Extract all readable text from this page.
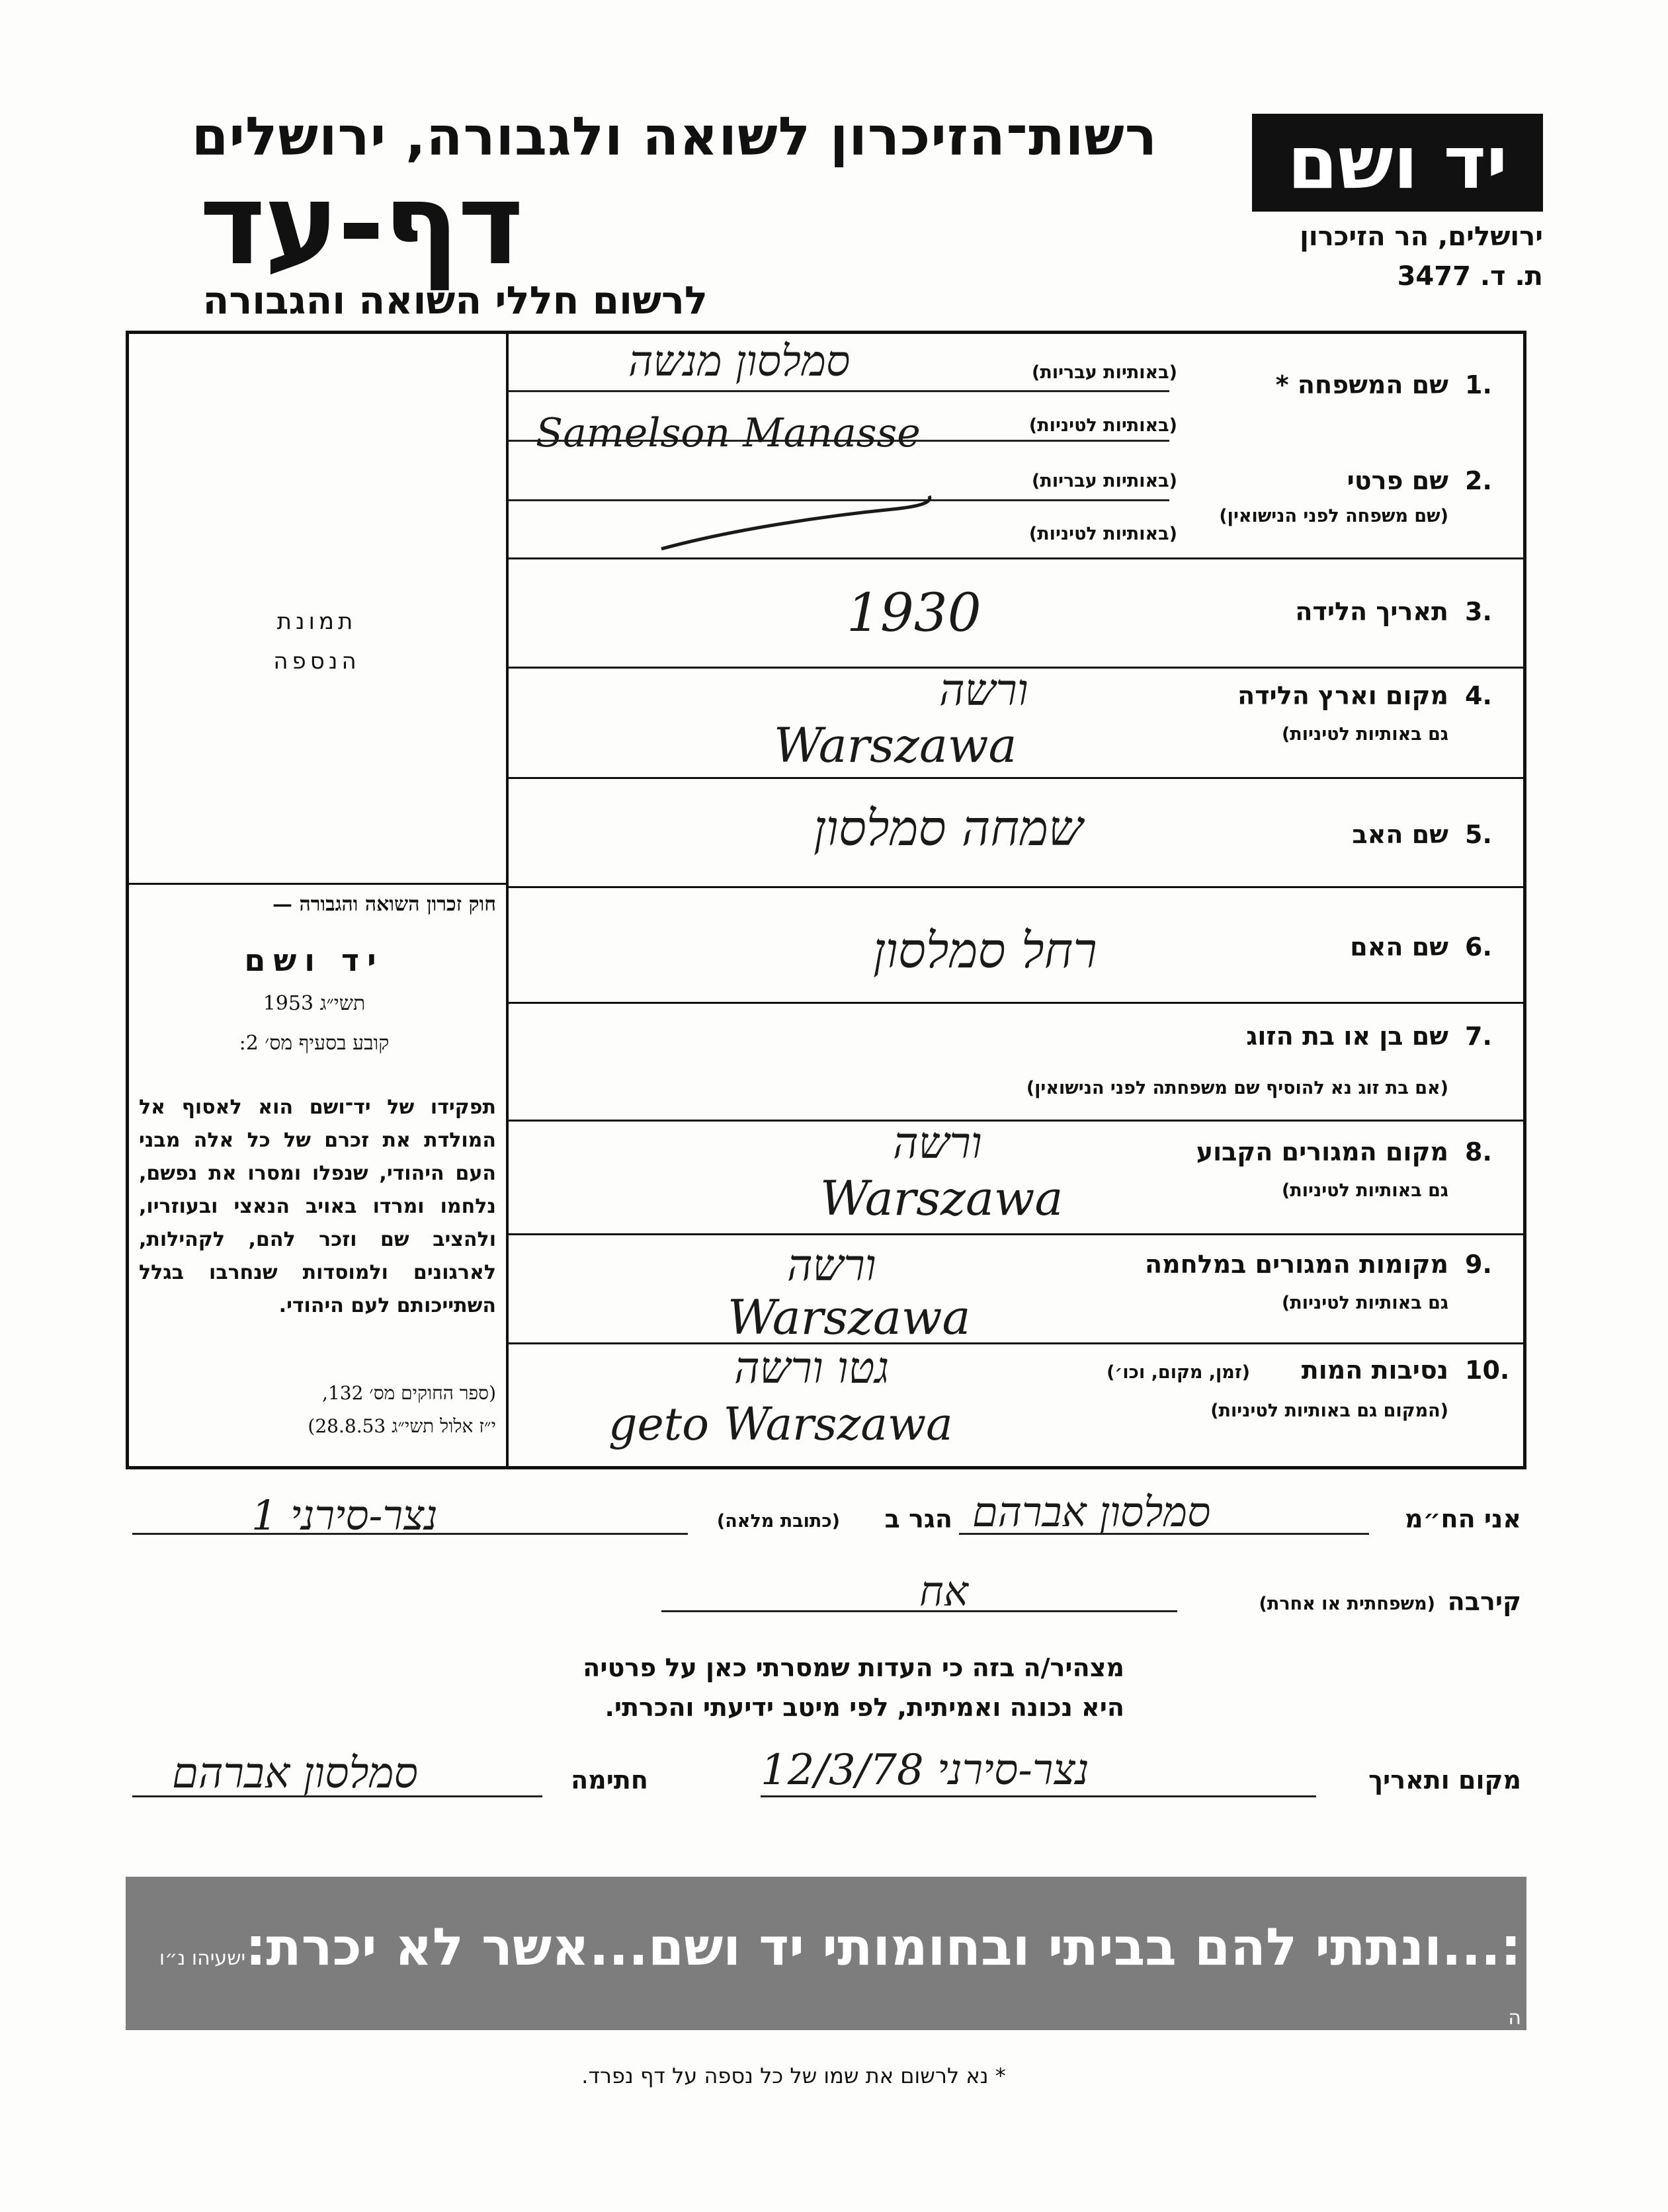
רשות־הזיכרון לשואה ולגבורה, ירושלים
דף-עד
לרשום חללי השואה והגבורה
יד ושם
ירושלים, הר הזיכרון
ת. ד. 3477
תמונת
הנספה
חוק זכרון השואה והגבורה —
יד ושם
תשי״ג 1953
קובע בסעיף מס׳ 2:
תפקידו של יד־ושם הוא לאסוף אל המולדת את זכרם של כל אלה מבני העם היהודי, שנפלו ומסרו את נפשם, נלחמו ומרדו באויב הנאצי ובעוזריו, ולהציב שם וזכר להם, לקהילות, לארגונים ולמוסדות שנחרבו בגלל השתייכותם לעם היהודי.
(ספר החוקים מס׳ 132,
י״ז אלול תשי״ג 28.8.53)
1.
שם המשפחה *
(באותיות עבריות)
(באותיות לטיניות)
סמלסון מנשה
Samelson Manasse
2.
שם פרטי
(שם משפחה לפני הנישואין)
(באותיות עבריות)
(באותיות לטיניות)
3.
תאריך הלידה
1930
4.
מקום וארץ הלידה
גם באותיות לטיניות)
ורשה
Warszawa
5.
שם האב
שמחה סמלסון
6.
שם האם
רחל סמלסון
7.
שם בן או בת הזוג
(אם בת זוג נא להוסיף שם משפחתה לפני הנישואין)
8.
מקום המגורים הקבוע
גם באותיות לטיניות)
ורשה
Warszawa
9.
מקומות המגורים במלחמה
גם באותיות לטיניות)
ורשה
Warszawa
10.
נסיבות המות
(זמן, מקום, וכו׳)
(המקום גם באותיות לטיניות)
גטו ורשה
geto Warszawa
אני הח״מ
סמלסון אברהם
הגר ב
(כתובת מלאה)
נצר-סירני 1
קירבה
(משפחתית או אחרת)
אח
מצהיר/ה בזה כי העדות שמסרתי כאן על פרטיה
היא נכונה ואמיתית, לפי מיטב ידיעתי והכרתי.
מקום ותאריך
נצר-סירני 12/3/78
חתימה
סמלסון אברהם
:...ונתתי להם בביתי ובחומותי יד ושם...אשר לא יכרת:ישעיהו נ״ו ה
* נא לרשום את שמו של כל נספה על דף נפרד.
